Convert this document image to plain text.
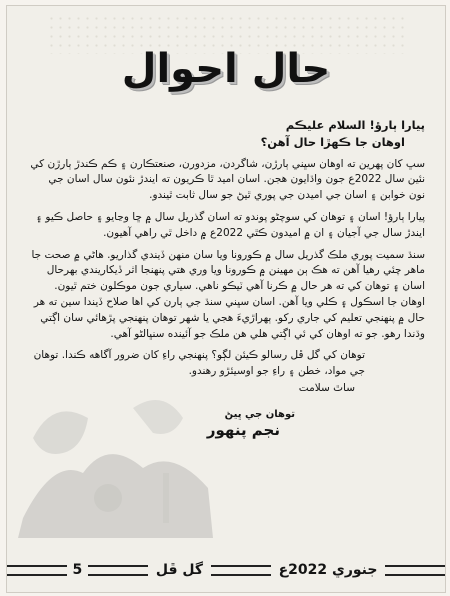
حال احوال

پيارا ٻارؤ! السلام عليڪم

اوهان جا ڪهڙا حال آهن؟

سڀ کان پهرين ته اوهان سڀني ٻارڙن، شاگردن، مزدورن، صنعتڪارن ۽ ڪم ڪندڙ ٻارڙن کي نئين سال 2022ع جون واڌايون هجن. اسان اميد ٿا ڪريون ته ايندڙ نئون سال اسان جي نون خوابن ۽ اسان جي اميدن جي پوري ٿيڻ جو سال ثابت ٿيندو.

پيارا ٻارؤ! اسان ۽ توهان کي سوچڻو پوندو ته اسان گذريل سال ۾ ڇا وڃايو ۽ حاصل ڪيو ۽ ايندڙ سال جي آجيان ۽ ان ۾ اميدون ڪٿي 2022ع ۾ داخل ٿي راهي آهيون.

سنڌ سميت پوري ملڪ گذريل سال ۾ ڪورونا ويا سان منهن ڏيندي گذاريو. هاڻي ۾ صحت جا ماهر چئي رهيا آهن ته هڪ ٻن مهينن ۾ ڪورونا ويا وري هتي پنهنجا اثر ڏيکاريندي بهرحال اسان ۽ توهان کي ته هر حال ۾ ڪرنا آهي ٽيڪو ناهي. سياري جون موڪلون ختم ٿيون. اوهان جا اسڪول ۽ ڪلي ويا آهن. اسان سڀني سنڌ جي ٻارن کي اها صلاح ڏيندا سين ته هر حال ۾ پنهنجي تعليم کي جاري رکو. ٻهراڙيءَ هجي يا شهر توهان پنهنجي پڙهائي سان اڳتي وڌندا رهو. جو ته اوهان کي ئي اڳتي هلي هن ملڪ جو آئينده سنڀالڻو آهي.

توهان کي گل ڦل رسالو ڪيئن لڳو؟ پنهنجي راءِ کان ضرور آگاهه ڪندا. توهان جي مواد، خطن ۽ راءِ جو اوسيئڙو رهندو.

ساٿ سلامت

توهان جي ڀيڻ

نجم پنهور

5	گل ڦل	جنوري 2022ع
